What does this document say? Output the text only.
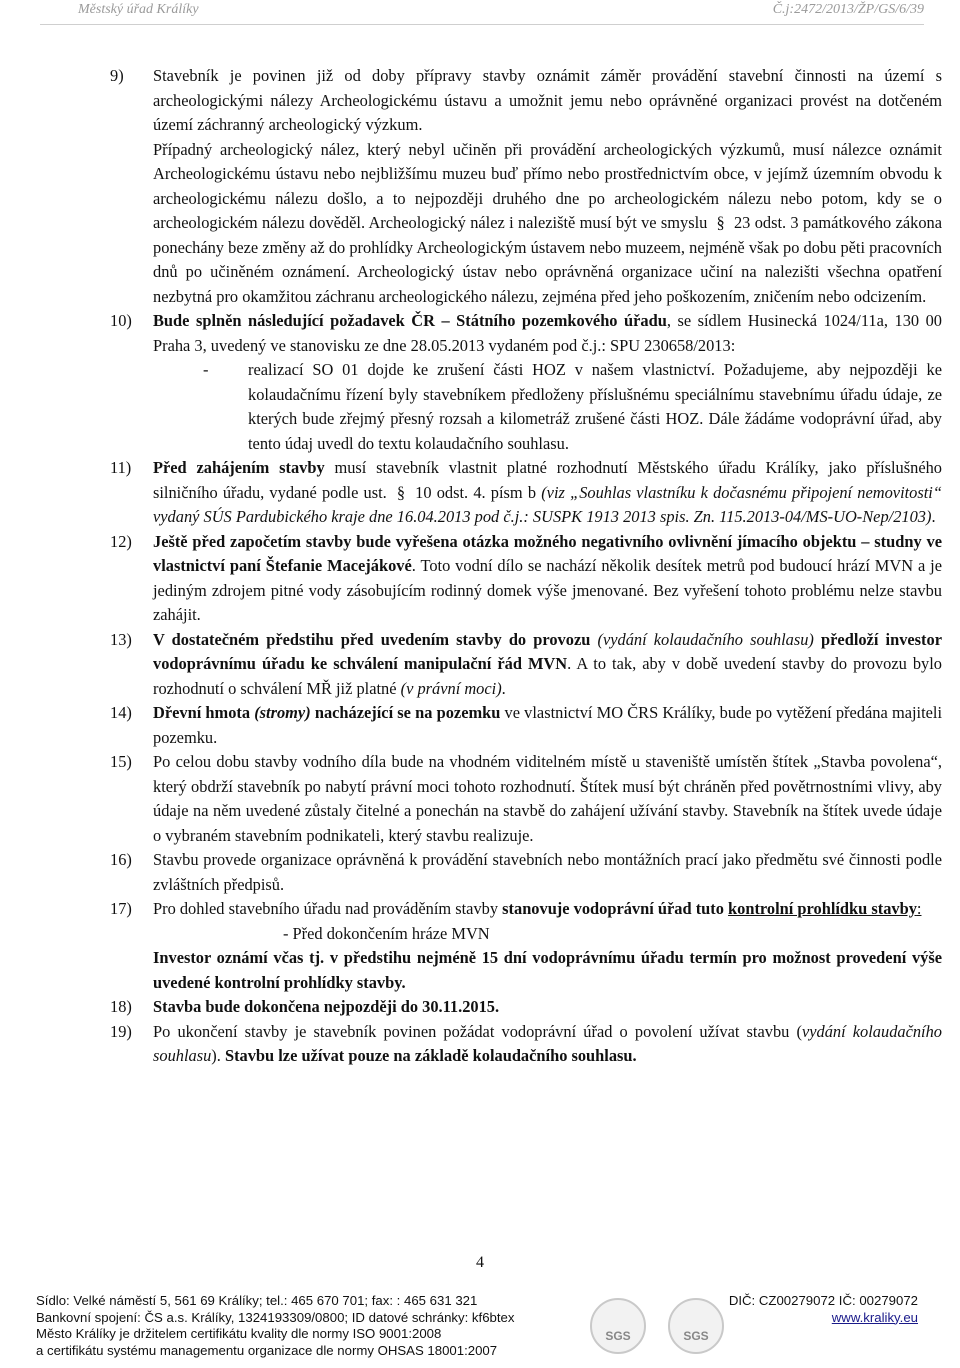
Městský úřad Králíky	Č.j:2472/2013/ŽP/GS/6/39
9) Stavebník je povinen již od doby přípravy stavby oznámit záměr provádění stavební činnosti na území s archeologickými nálezy Archeologickému ústavu a umožnit jemu nebo oprávněné organizaci provést na dotčeném území záchranný archeologický výzkum.

Případný archeologický nález, který nebyl učiněn při provádění archeologických výzkumů, musí nálezce oznámit Archeologickému ústavu nebo nejbližšímu muzeu buď přímo nebo prostřednictvím obce, v jejímž územním obvodu k archeologickému nálezu došlo, a to nejpozději druhého dne po archeologickém nálezu nebo potom, kdy se o archeologickém nálezu dověděl. Archeologický nález i naleziště musí být ve smyslu § 23 odst. 3 památkového zákona ponechány beze změny až do prohlídky Archeologickým ústavem nebo muzeem, nejméně však po dobu pěti pracovních dnů po učiněném oznámení. Archeologický ústav nebo oprávněná organizace učiní na nalezišti všechna opatření nezbytná pro okamžitou záchranu archeologického nálezu, zejména před jeho poškozením, zničením nebo odcizením.

10) Bude splněn následující požadavek ČR – Státního pozemkového úřadu, se sídlem Husinecká 1024/11a, 130 00 Praha 3, uvedený ve stanovisku ze dne 28.05.2013 vydaném pod č.j.: SPU 230658/2013:

-	realizací SO 01 dojde ke zrušení části HOZ v našem vlastnictví. Požadujeme, aby nejpozději ke kolaudačnímu řízení byly stavebníkem předloženy příslušnému speciálnímu stavebnímu úřadu údaje, ze kterých bude zřejmý přesný rozsah a kilometráž zrušené části HOZ. Dále žádáme vodoprávní úřad, aby tento údaj uvedl do textu kolaudačního souhlasu.
11) Před zahájením stavby musí stavebník vlastnit platné rozhodnutí Městského úřadu Králíky, jako příslušného silničního úřadu, vydané podle ust. § 10 odst. 4. písm b (viz „Souhlas vlastníku k dočasnému připojení nemovitosti“ vydaný SÚS Pardubického kraje dne 16.04.2013 pod č.j.: SUSPK 1913 2013 spis. Zn. 115.2013-04/MS-UO-Nep/2103).

12) Ještě před započetím stavby bude vyřešena otázka možného negativního ovlivnění jímacího objektu – studny ve vlastnictví paní Štefanie Macejákové. Toto vodní dílo se nachází několik desítek metrů pod budoucí hrází MVN a je jediným zdrojem pitné vody zásobujícím rodinný domek výše jmenované. Bez vyřešení tohoto problému nelze stavbu zahájit.

13) V dostatečném předstihu před uvedením stavby do provozu (vydání kolaudačního souhlasu) předloží investor vodoprávnímu úřadu ke schválení manipulační řád MVN. A to tak, aby v době uvedení stavby do provozu bylo rozhodnutí o schválení MŘ již platné (v právní moci).

14) Dřevní hmota (stromy) nacházející se na pozemku ve vlastnictví MO ČRS Králíky, bude po vytěžení předána majiteli pozemku.

15) Po celou dobu stavby vodního díla bude na vhodném viditelném místě u staveniště umístěn štítek „Stavba povolena“, který obdrží stavebník po nabytí právní moci tohoto rozhodnutí. Štítek musí být chráněn před povětrnostními vlivy, aby údaje na něm uvedené zůstaly čitelné a ponechán na stavbě do zahájení užívání stavby. Stavebník na štítek uvede údaje o vybraném stavebním podnikateli, který stavbu realizuje.

16) Stavbu provede organizace oprávněná k provádění stavebních nebo montážních prací jako předmětu své činnosti podle zvláštních předpisů.

17) Pro dohled stavebního úřadu nad prováděním stavby stanovuje vodoprávní úřad tuto kontrolní prohlídku stavby:

- Před dokončením hráze MVN

Investor oznámí včas tj. v předstihu nejméně 15 dní vodoprávnímu úřadu termín pro možnost provedení výše uvedené kontrolní prohlídky stavby.

18) Stavba bude dokončena nejpozději do 30.11.2015.

19) Po ukončení stavby je stavebník povinen požádat vodoprávní úřad o povolení užívat stavbu (vydání kolaudačního souhlasu). Stavbu lze užívat pouze na základě kolaudačního souhlasu.

4
Sídlo: Velké náměstí 5, 561 69 Králíky; tel.: 465 670 701; fax: : 465 631 321	DIČ: CZ00279072 IČ: 00279072
Bankovní spojení: ČS a.s. Králíky, 1324193309/0800; ID datové schránky: kf6btex	www.kraliky.eu
Město Králíky je držitelem certifikátu kvality dle normy ISO 9001:2008
a certifikátu systému managementu organizace dle normy OHSAS 18001:2007
SGS	SGS
